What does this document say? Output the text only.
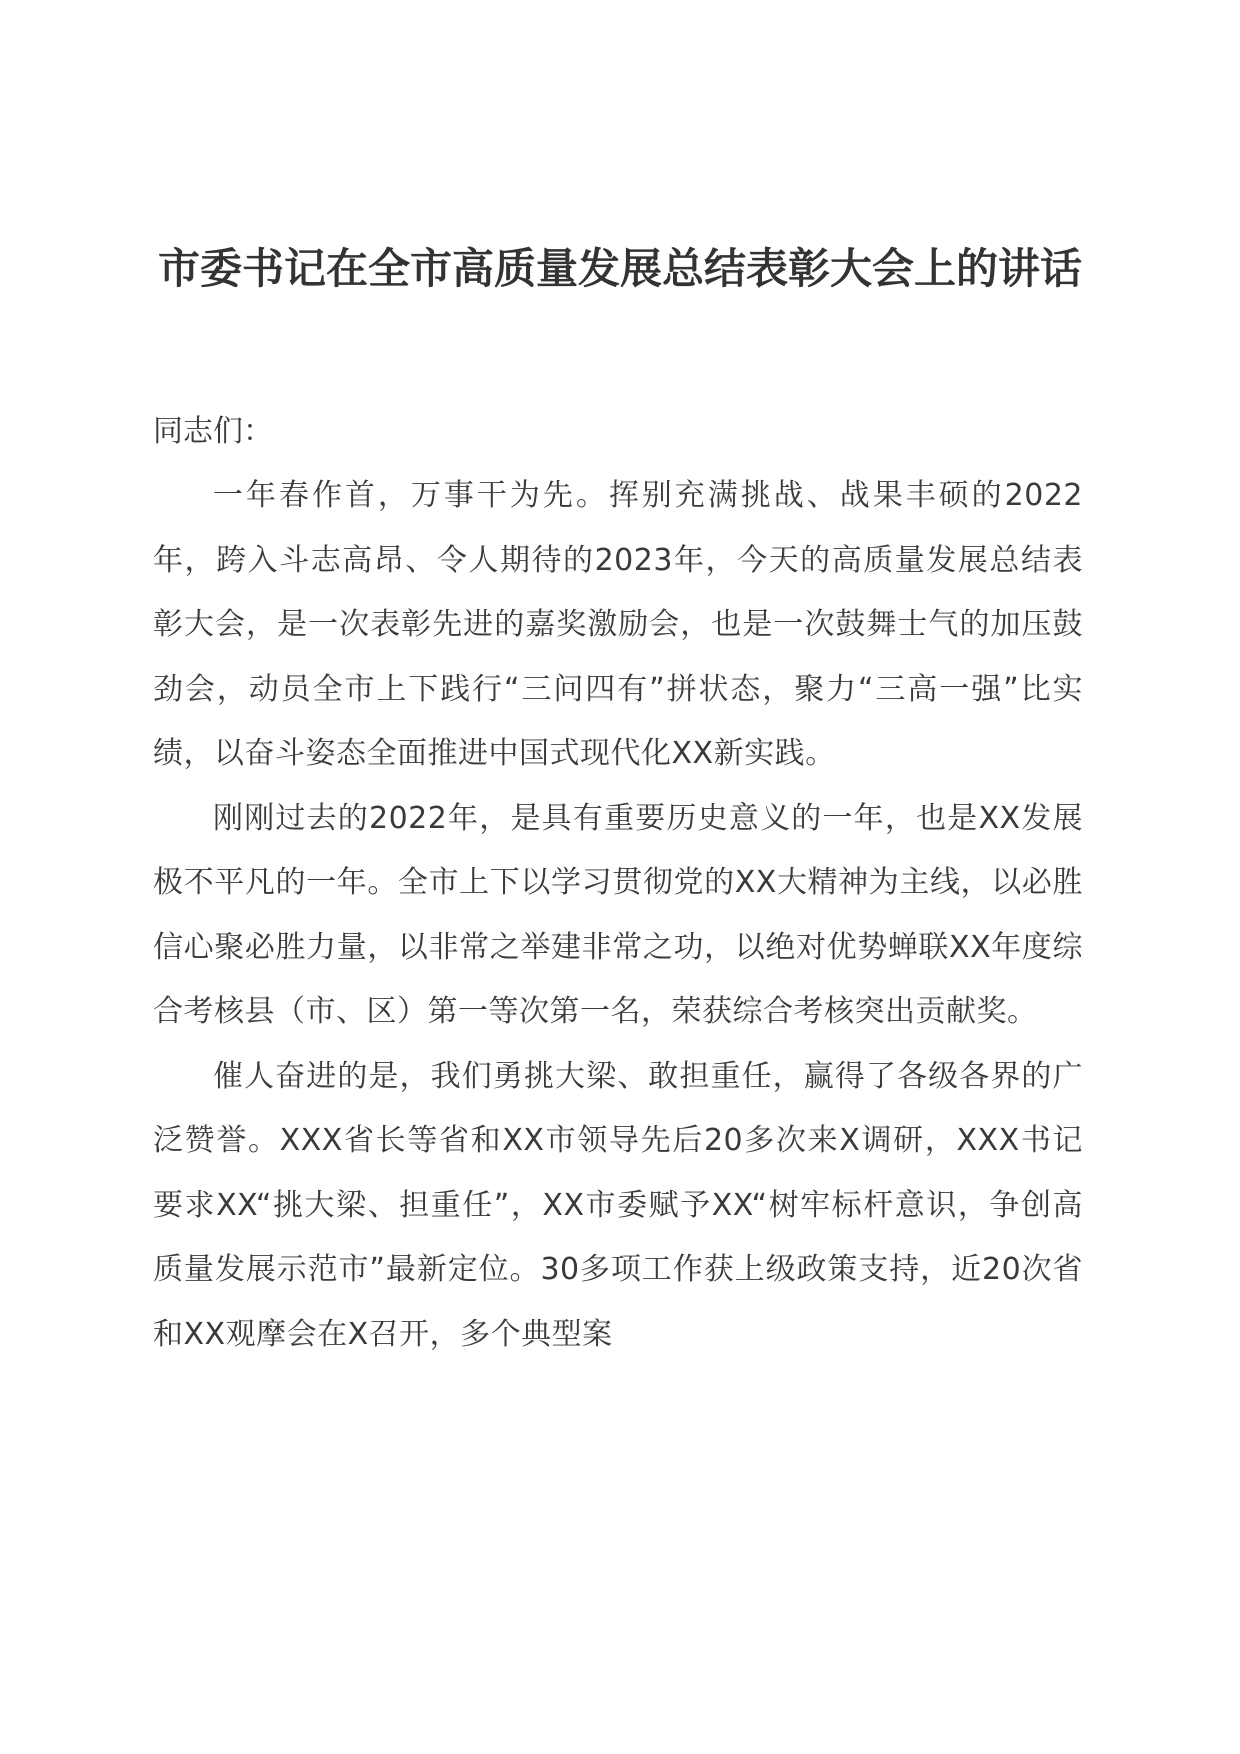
市委书记在全市高质量发展总结表彰大会上的讲话

同志们：

一年春作首，万事干为先。挥别充满挑战、战果丰硕的2022年，跨入斗志高昂、令人期待的2023年，今天的高质量发展总结表彰大会，是一次表彰先进的嘉奖激励会，也是一次鼓舞士气的加压鼓劲会，动员全市上下践行“三问四有”拼状态，聚力“三高一强”比实绩，以奋斗姿态全面推进中国式现代化XX新实践。

刚刚过去的2022年，是具有重要历史意义的一年，也是XX发展极不平凡的一年。全市上下以学习贯彻党的XX大精神为主线，以必胜信心聚必胜力量，以非常之举建非常之功，以绝对优势蝉联XX年度综合考核县（市、区）第一等次第一名，荣获综合考核突出贡献奖。

催人奋进的是，我们勇挑大梁、敢担重任，赢得了各级各界的广泛赞誉。XXX省长等省和XX市领导先后20多次来X调研，XXX书记要求XX“挑大梁、担重任”，XX市委赋予XX“树牢标杆意识，争创高质量发展示范市”最新定位。30多项工作获上级政策支持，近20次省和XX观摩会在X召开，多个典型案
